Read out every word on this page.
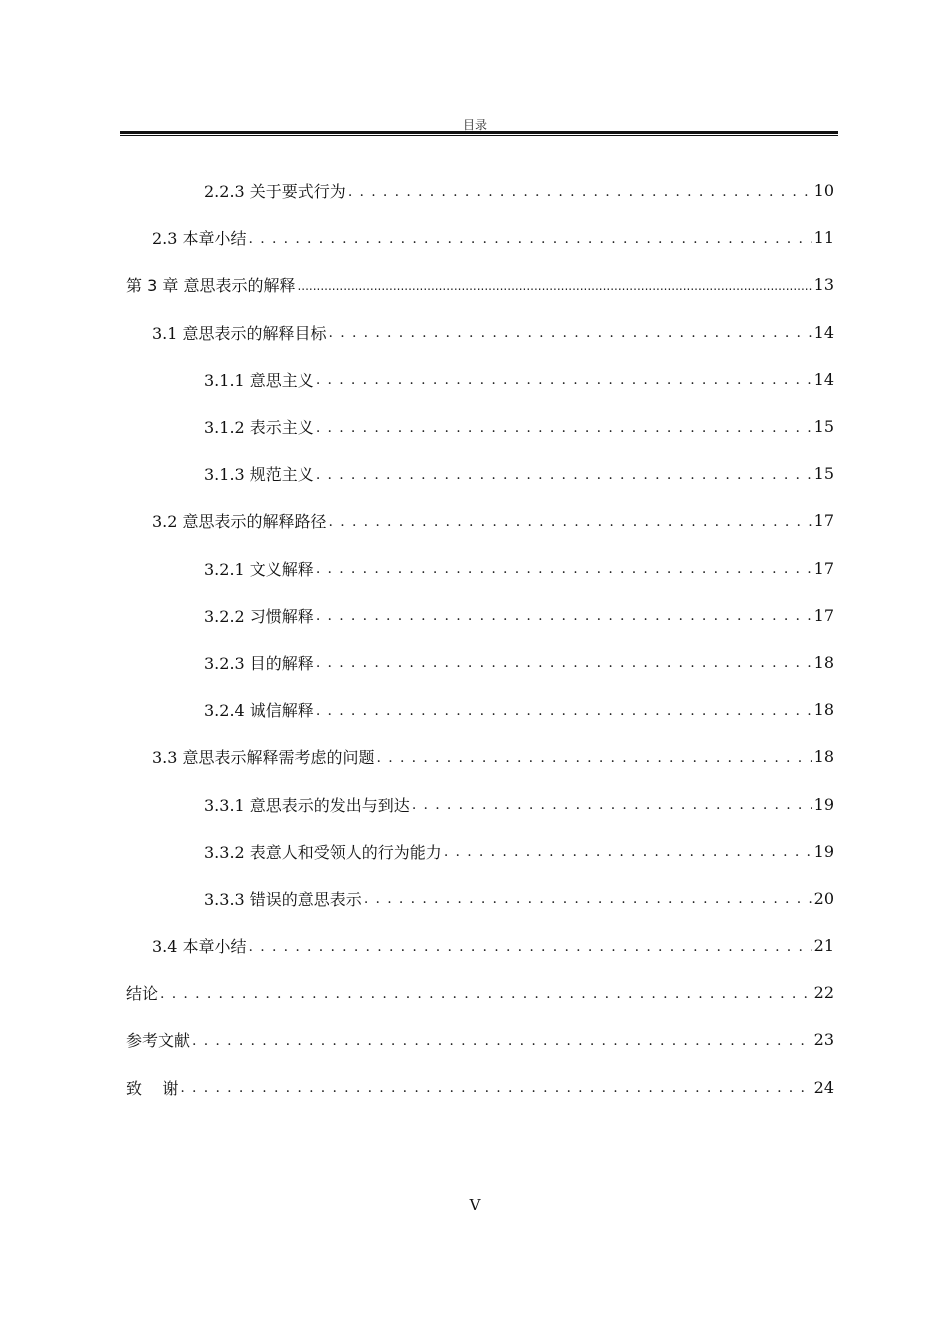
目录
2.2.3 关于要式行为 . . .	10
2.3 本章小结 . . .	11
第 3 章 意思表示的解释 .....	13
3.1 意思表示的解释目标 . . .	14
3.1.1 意思主义 . . .	14
3.1.2 表示主义 . . .	15
3.1.3 规范主义 . . .	15
3.2 意思表示的解释路径 . . .	17
3.2.1 文义解释 . . .	17
3.2.2 习惯解释 . . .	17
3.2.3 目的解释 . . .	18
3.2.4 诚信解释 . . .	18
3.3 意思表示解释需考虑的问题 . . .	18
3.3.1 意思表示的发出与到达 . . .	19
3.3.2 表意人和受领人的行为能力 . . .	19
3.3.3 错误的意思表示 . . .	20
3.4 本章小结 . . .	21
结论 . . .	22
参考文献 . . .	23
致    谢 . . .	24
V
